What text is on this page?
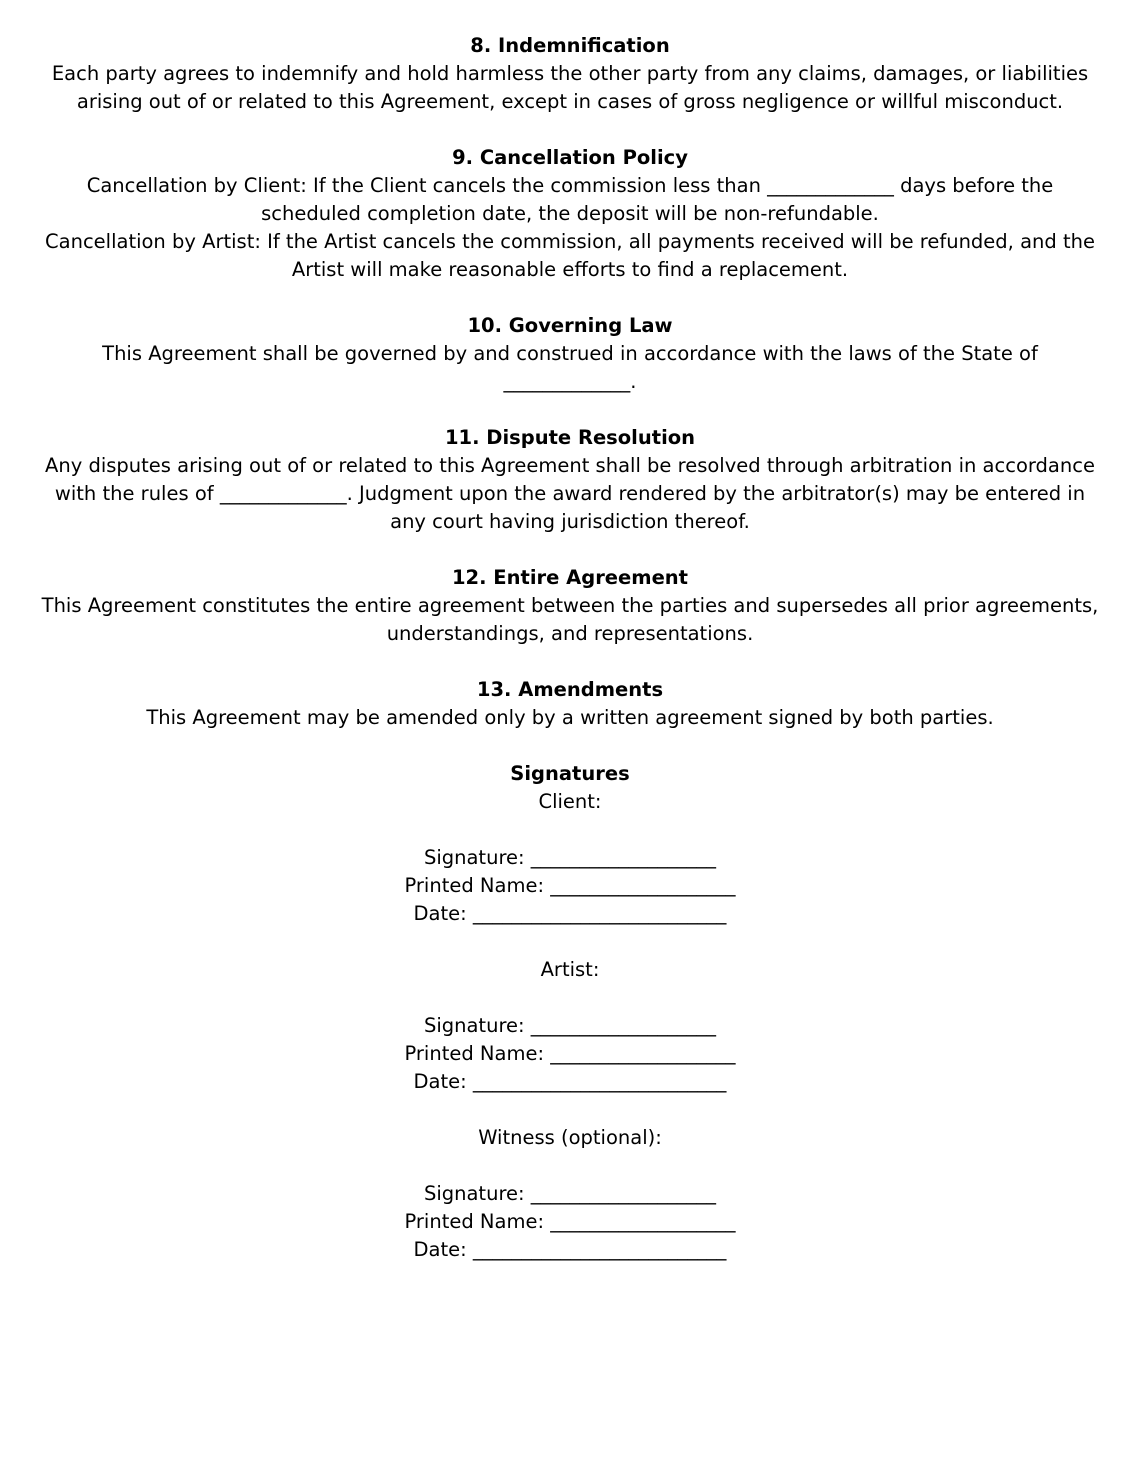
8. Indemnification
Each party agrees to indemnify and hold harmless the other party from any claims, damages, or liabilities arising out of or related to this Agreement, except in cases of gross negligence or willful misconduct.
9. Cancellation Policy
Cancellation by Client: If the Client cancels the commission less than _____________ days before the scheduled completion date, the deposit will be non-refundable.
Cancellation by Artist: If the Artist cancels the commission, all payments received will be refunded, and the Artist will make reasonable efforts to find a replacement.
10. Governing Law
This Agreement shall be governed by and construed in accordance with the laws of the State of _____________.
11. Dispute Resolution
Any disputes arising out of or related to this Agreement shall be resolved through arbitration in accordance with the rules of _____________. Judgment upon the award rendered by the arbitrator(s) may be entered in any court having jurisdiction thereof.
12. Entire Agreement
This Agreement constitutes the entire agreement between the parties and supersedes all prior agreements, understandings, and representations.
13. Amendments
This Agreement may be amended only by a written agreement signed by both parties.
Signatures
Client:
Signature: ___________________
Printed Name: ___________________
Date: __________________________
Artist:
Signature: ___________________
Printed Name: ___________________
Date: __________________________
Witness (optional):
Signature: ___________________
Printed Name: ___________________
Date: __________________________
